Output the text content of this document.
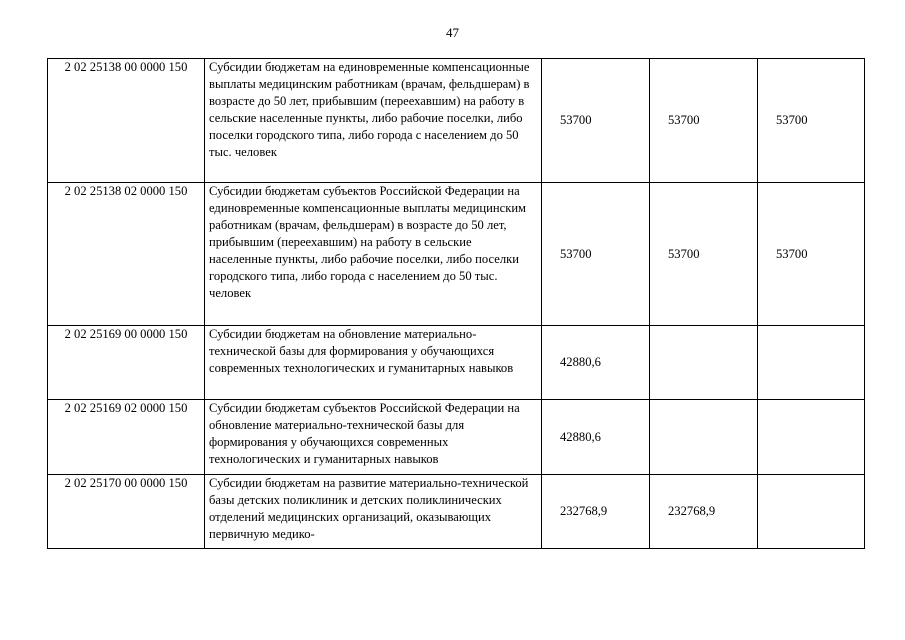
47
2 02 25138 00 0000 150	Субсидии бюджетам на единовременные компенсационные выплаты медицинским работникам (врачам, фельдшерам) в возрасте до 50 лет, прибывшим (переехавшим) на работу в сельские населенные пункты, либо рабочие поселки, либо поселки городского типа, либо города с населением до 50 тыс. человек	53700	53700	53700
2 02 25138 02 0000 150	Субсидии бюджетам субъектов Российской Федерации на единовременные компенсационные выплаты медицинским работникам (врачам, фельдшерам) в возрасте до 50 лет, прибывшим (переехавшим) на работу в сельские населенные пункты, либо рабочие поселки, либо поселки городского типа, либо города с населением до 50 тыс. человек	53700	53700	53700
2 02 25169 00 0000 150	Субсидии бюджетам на обновление материально-технической базы для формирования у обучающихся современных технологических и гуманитарных навыков	42880,6		
2 02 25169 02 0000 150	Субсидии бюджетам субъектов Российской Федерации на обновление материально-технической базы для формирования у обучающихся современных технологических и гуманитарных навыков	42880,6		
2 02 25170 00 0000 150	Субсидии бюджетам на развитие материально-технической базы детских поликлиник и детских поликлинических отделений медицинских организаций, оказывающих первичную медико-	232768,9	232768,9	
